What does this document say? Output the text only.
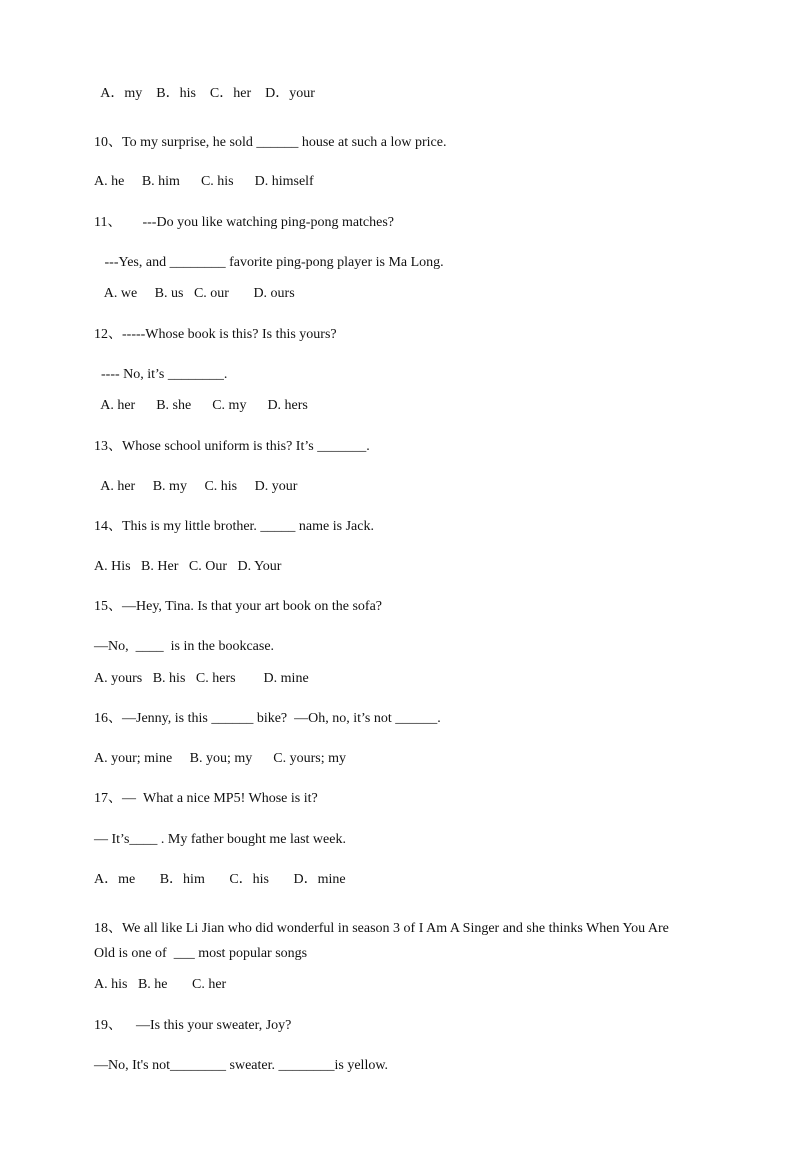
A．my    B．his    C．her    D．your
10、To my surprise, he sold ______ house at such a low price.
A. he     B. him      C. his      D. himself
11、      ---Do you like watching ping-pong matches?
---Yes, and ________ favorite ping-pong player is Ma Long.
A. we     B. us   C. our       D. ours
12、-----Whose book is this? Is this yours?
---- No, it’s ________.
A. her      B. she      C. my      D. hers
13、Whose school uniform is this? It’s _______.
A. her     B. my     C. his     D. your
14、This is my little brother. _____ name is Jack.
A. His   B. Her   C. Our   D. Your
15、—Hey, Tina. Is that your art book on the sofa?
—No,  ____  is in the bookcase.
A. yours   B. his   C. hers        D. mine
16、—Jenny, is this ______ bike?  —Oh, no, it’s not ______.
A. your; mine     B. you; my      C. yours; my
17、—  What a nice MP5! Whose is it?
— It’s____ . My father bought me last week.
A．me       B．him       C．his       D．mine
18、We all like Li Jian who did wonderful in season 3 of I Am A Singer and she thinks When You Are
Old is one of  ___ most popular songs
A. his   B. he       C. her
19、    —Is this your sweater, Joy?
—No, It's not________ sweater. ________is yellow.
